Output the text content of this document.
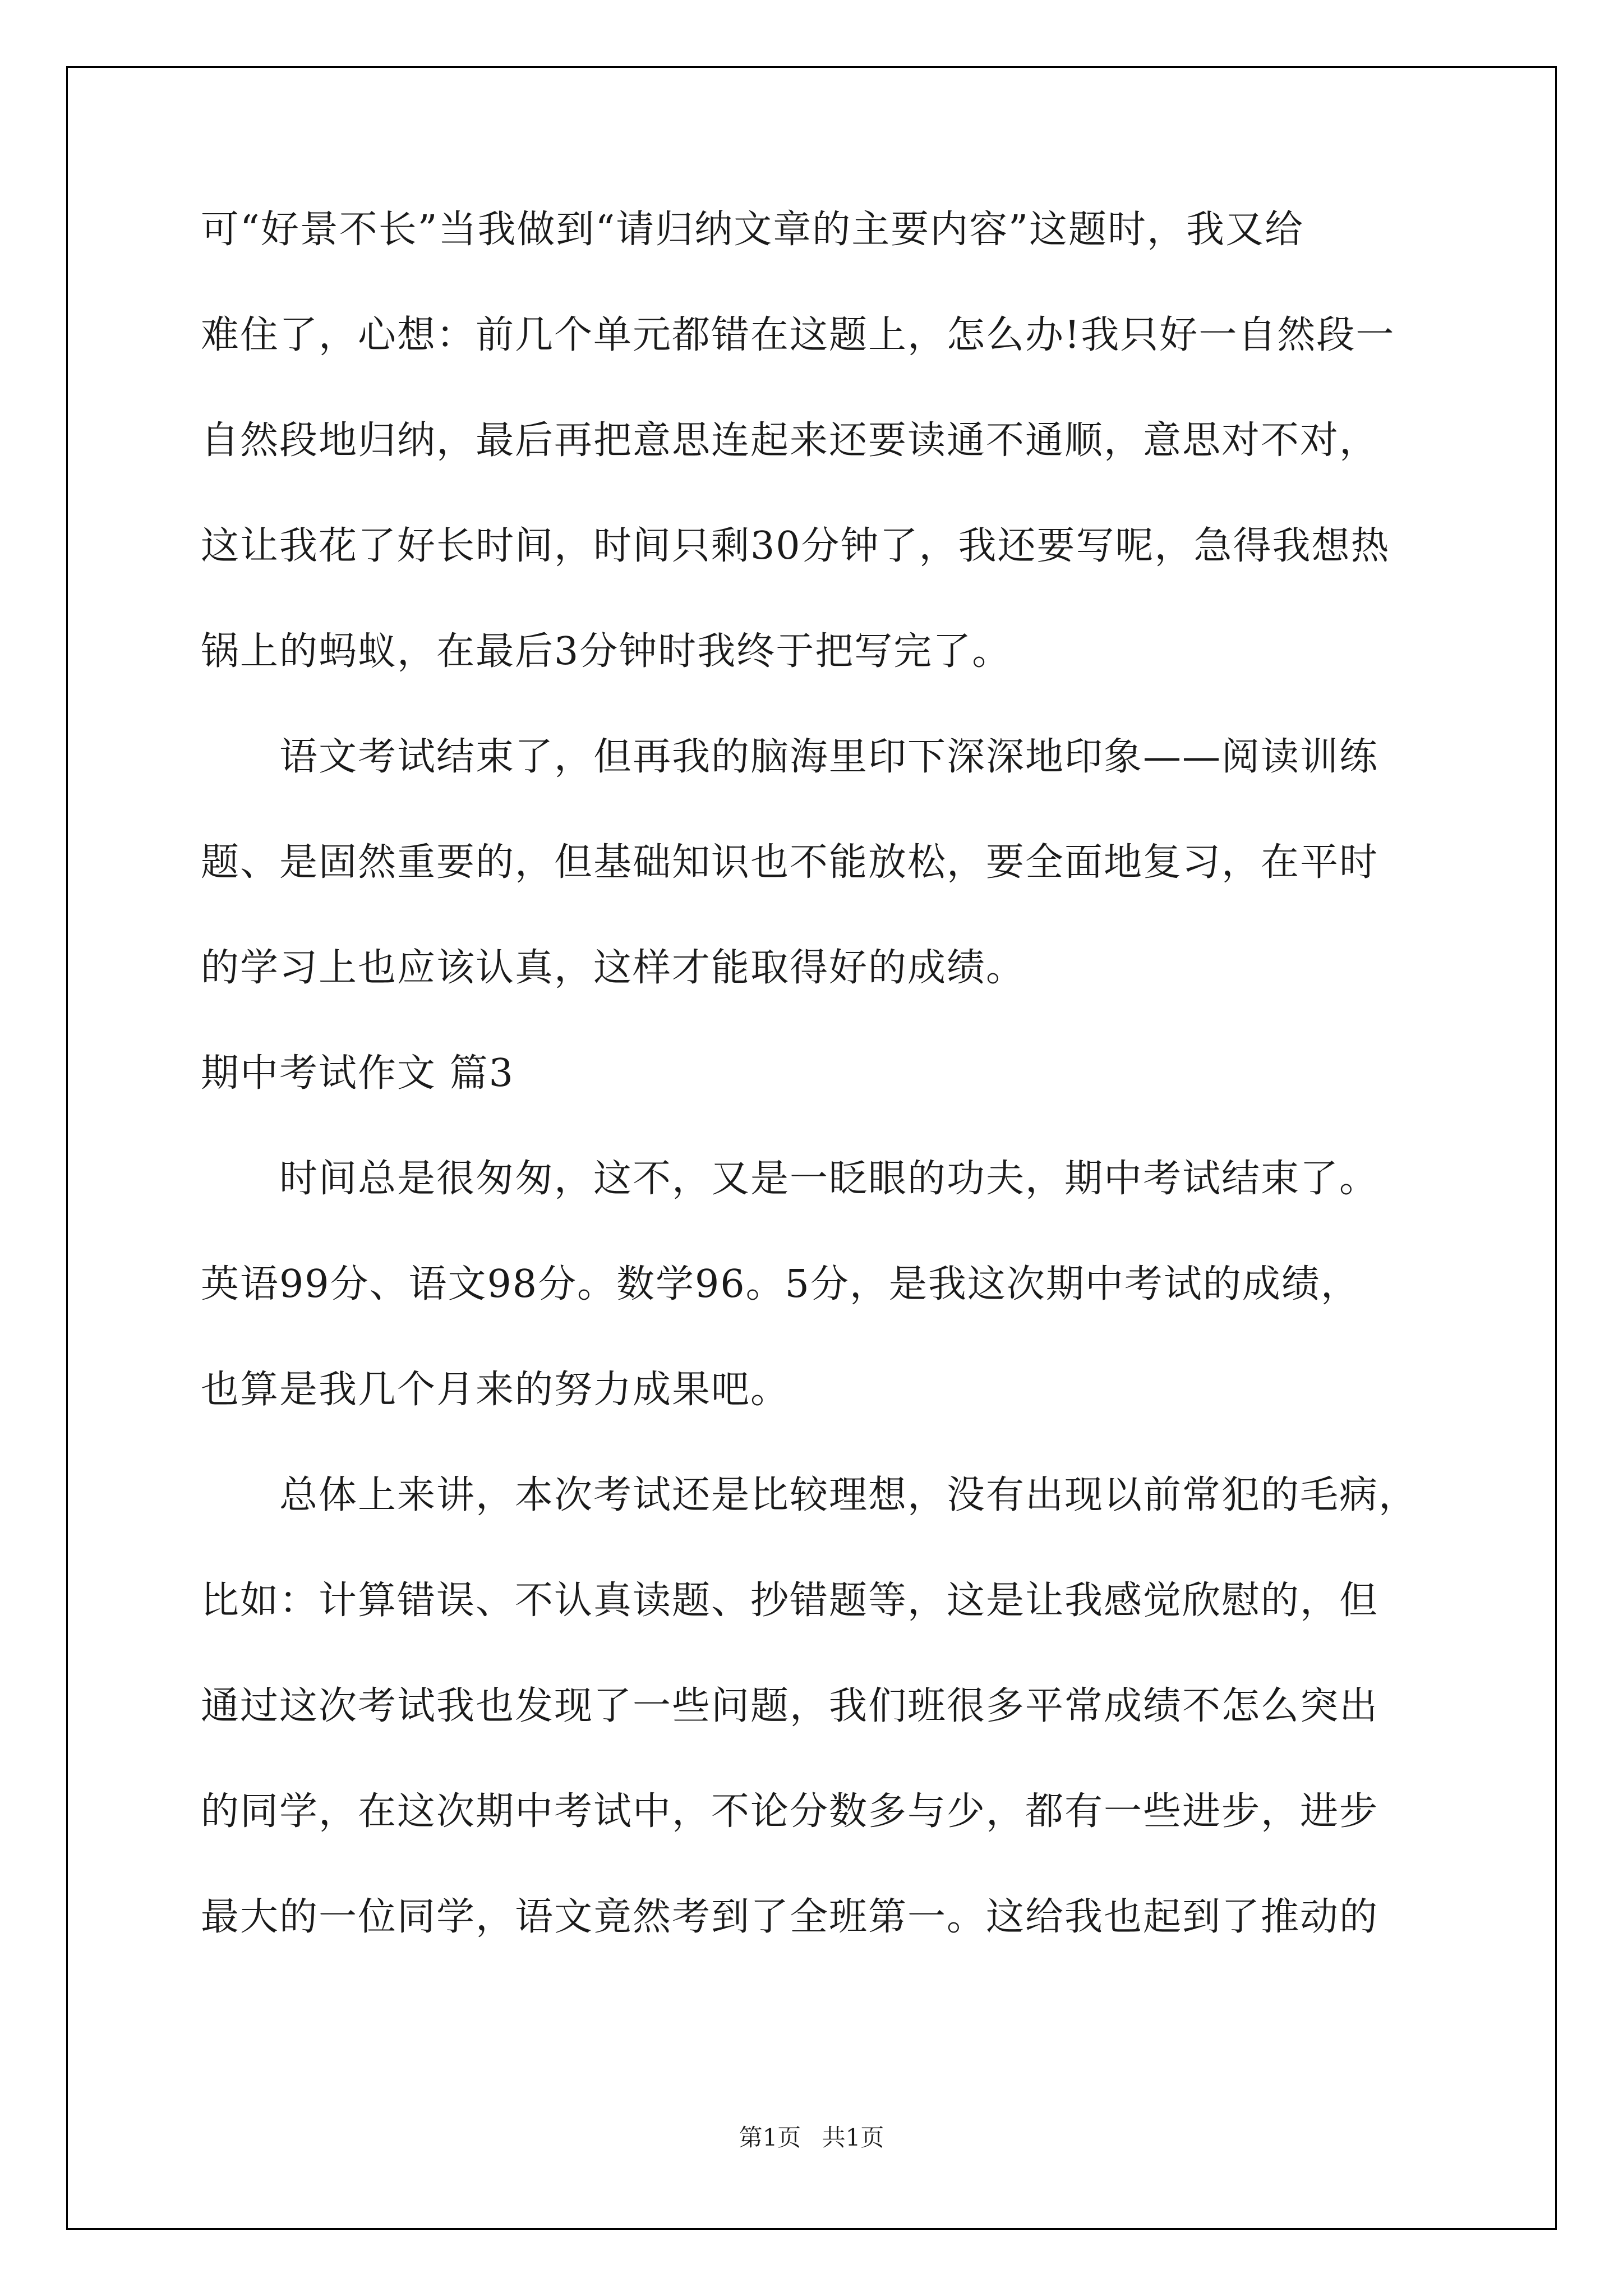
可“好景不长”当我做到“请归纳文章的主要内容”这题时，我又给

难住了，心想：前几个单元都错在这题上，怎么办!我只好一自然段一

自然段地归纳，最后再把意思连起来还要读通不通顺，意思对不对，

这让我花了好长时间，时间只剩30分钟了，我还要写呢，急得我想热

锅上的蚂蚁，在最后3分钟时我终于把写完了。

　　语文考试结束了，但再我的脑海里印下深深地印象——阅读训练

题、是固然重要的，但基础知识也不能放松，要全面地复习，在平时

的学习上也应该认真，这样才能取得好的成绩。

期中考试作文 篇3

　　时间总是很匆匆，这不，又是一眨眼的功夫，期中考试结束了。

英语99分、语文98分。数学96。5分，是我这次期中考试的成绩，

也算是我几个月来的努力成果吧。

　　总体上来讲，本次考试还是比较理想，没有出现以前常犯的毛病，

比如：计算错误、不认真读题、抄错题等，这是让我感觉欣慰的，但

通过这次考试我也发现了一些问题，我们班很多平常成绩不怎么突出

的同学，在这次期中考试中，不论分数多与少，都有一些进步，进步

最大的一位同学，语文竟然考到了全班第一。这给我也起到了推动的

第1页 共1页
